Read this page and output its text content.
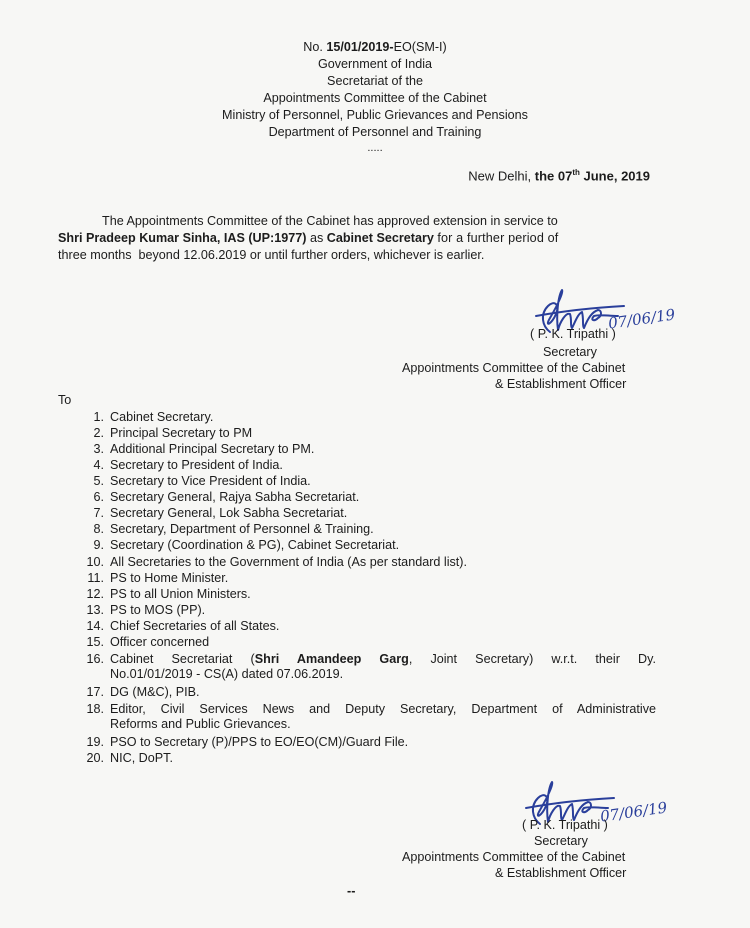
No. 15/01/2019-EO(SM-I)
Government of India
Secretariat of the
Appointments Committee of the Cabinet
Ministry of Personnel, Public Grievances and Pensions
Department of Personnel and Training
.....
New Delhi, the 07th June, 2019
The Appointments Committee of the Cabinet has approved extension in service to
Shri Pradeep Kumar Sinha, IAS (UP:1977) as Cabinet Secretary for a further period of
three months  beyond 12.06.2019 or until further orders, whichever is earlier.
07/06/19
( P. K. Tripathi )
Secretary
Appointments Committee of the Cabinet
& Establishment Officer
To
1. Cabinet Secretary.
2. Principal Secretary to PM
3. Additional Principal Secretary to PM.
4. Secretary to President of India.
5. Secretary to Vice President of India.
6. Secretary General, Rajya Sabha Secretariat.
7. Secretary General, Lok Sabha Secretariat.
8. Secretary, Department of Personnel & Training.
9. Secretary (Coordination & PG), Cabinet Secretariat.
10. All Secretaries to the Government of India (As per standard list).
11. PS to Home Minister.
12. PS to all Union Ministers.
13. PS to MOS (PP).
14. Chief Secretaries of all States.
15. Officer concerned
16. Cabinet Secretariat (Shri Amandeep Garg, Joint Secretary) w.r.t. their Dy.
No.01/01/2019 - CS(A) dated 07.06.2019.
17. DG (M&C), PIB.
18. Editor, Civil Services News and Deputy Secretary, Department of Administrative
Reforms and Public Grievances.
19. PSO to Secretary (P)/PPS to EO/EO(CM)/Guard File.
20. NIC, DoPT.
07/06/19
( P. K. Tripathi )
Secretary
Appointments Committee of the Cabinet
& Establishment Officer
--
